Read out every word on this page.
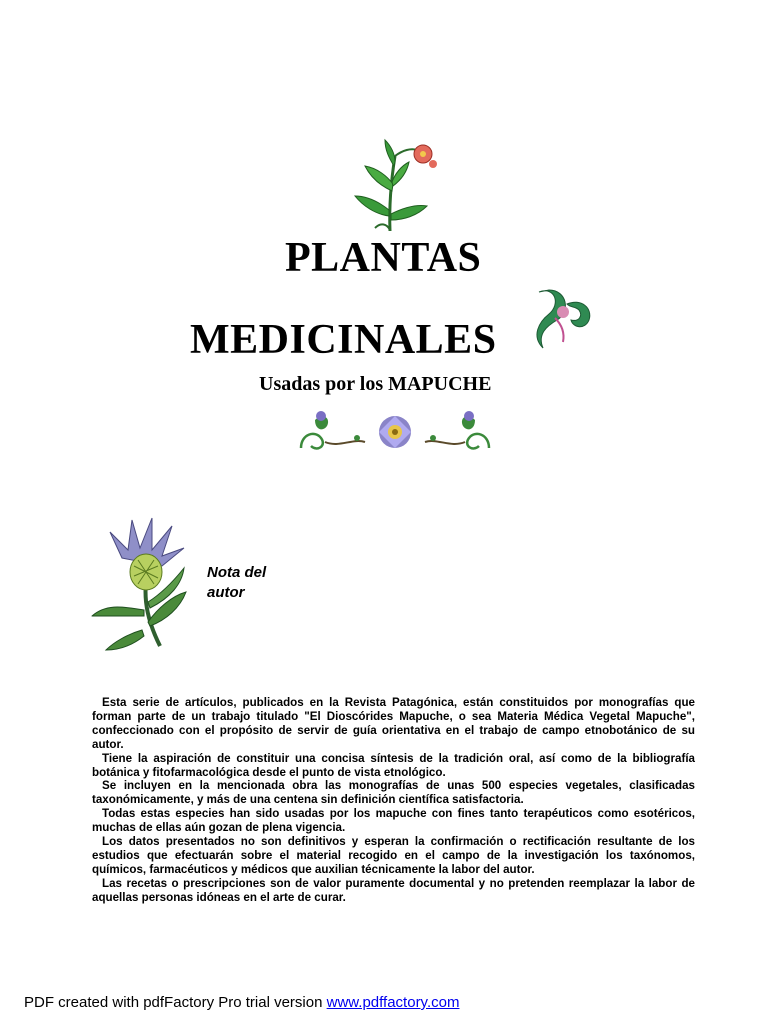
PLANTAS
MEDICINALES
Usadas por los MAPUCHE
Nota del autor

Esta serie de artículos, publicados en la Revista Patagónica, están constituidos por monografías que forman parte de un trabajo titulado "El Dioscórides Mapuche, o sea Materia Médica Vegetal Mapuche", confeccionado con el propósito de servir de guía orientativa en el trabajo de campo etnobotánico de su autor.

Tiene la aspiración de constituir una concisa síntesis de la tradición oral, así como de la bibliografía botánica y fitofarmacológica desde el punto de vista etnológico.

Se incluyen en la mencionada obra las monografías de unas 500 especies vegetales, clasificadas taxonómicamente, y más de una centena sin definición científica satisfactoria.

Todas estas especies han sido usadas por los mapuche con fines tanto terapéuticos como esotéricos, muchas de ellas aún gozan de plena vigencia.

Los datos presentados no son definitivos y esperan la confirmación o rectificación resultante de los estudios que efectuarán sobre el material recogido en el campo de la investigación los taxónomos, químicos, farmacéuticos y médicos que auxilian técnicamente la labor del autor.

Las recetas o prescripciones son de valor puramente documental y no pretenden reemplazar la labor de aquellas personas idóneas en el arte de curar.

PDF created with pdfFactory Pro trial version www.pdffactory.com
